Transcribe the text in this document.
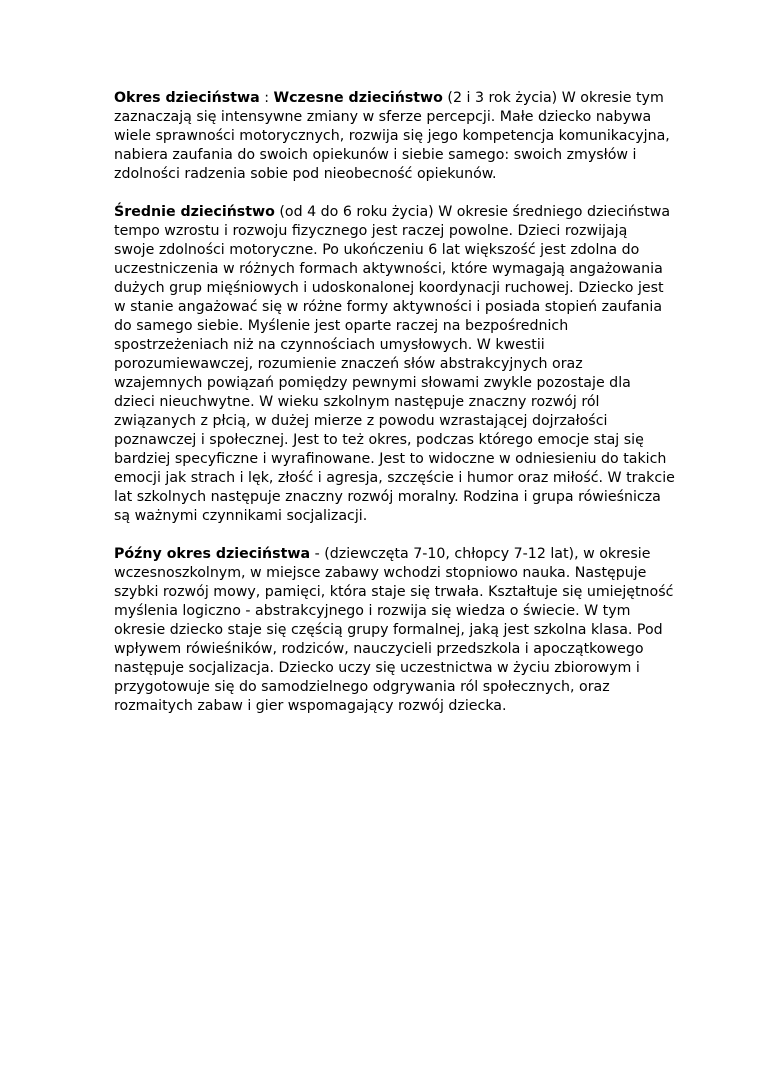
Okres dzieciństwa : Wczesne dzieciństwo (2 i 3 rok życia) W okresie tym
zaznaczają się intensywne zmiany w sferze percepcji. Małe dziecko nabywa
wiele sprawności motorycznych, rozwija się jego kompetencja komunikacyjna,
nabiera zaufania do swoich opiekunów i siebie samego: swoich zmysłów i
zdolności radzenia sobie pod nieobecność opiekunów.
Średnie dzieciństwo (od 4 do 6 roku życia) W okresie średniego dzieciństwa
tempo wzrostu i rozwoju fizycznego jest raczej powolne. Dzieci rozwijają
swoje zdolności motoryczne. Po ukończeniu 6 lat większość jest zdolna do
uczestniczenia w różnych formach aktywności, które wymagają angażowania
dużych grup mięśniowych i udoskonalonej koordynacji ruchowej. Dziecko jest
w stanie angażować się w różne formy aktywności i posiada stopień zaufania
do samego siebie. Myślenie jest oparte raczej na bezpośrednich
spostrzeżeniach niż na czynnościach umysłowych. W kwestii
porozumiewawczej, rozumienie znaczeń słów abstrakcyjnych oraz
wzajemnych powiązań pomiędzy pewnymi słowami zwykle pozostaje dla
dzieci nieuchwytne. W wieku szkolnym następuje znaczny rozwój ról
związanych z płcią, w dużej mierze z powodu wzrastającej dojrzałości
poznawczej i społecznej. Jest to też okres, podczas którego emocje staj się
bardziej specyficzne i wyrafinowane. Jest to widoczne w odniesieniu do takich
emocji jak strach i lęk, złość i agresja, szczęście i humor oraz miłość. W trakcie
lat szkolnych następuje znaczny rozwój moralny. Rodzina i grupa rówieśnicza
są ważnymi czynnikami socjalizacji.
Późny okres dzieciństwa - (dziewczęta 7-10, chłopcy 7-12 lat), w okresie
wczesnoszkolnym, w miejsce zabawy wchodzi stopniowo nauka. Następuje
szybki rozwój mowy, pamięci, która staje się trwała. Kształtuje się umiejętność
myślenia logiczno - abstrakcyjnego i rozwija się wiedza o świecie. W tym
okresie dziecko staje się częścią grupy formalnej, jaką jest szkolna klasa. Pod
wpływem rówieśników, rodziców, nauczycieli przedszkola i apoczątkowego
następuje socjalizacja. Dziecko uczy się uczestnictwa w życiu zbiorowym i
przygotowuje się do samodzielnego odgrywania ról społecznych, oraz
rozmaitych zabaw i gier wspomagający rozwój dziecka.
